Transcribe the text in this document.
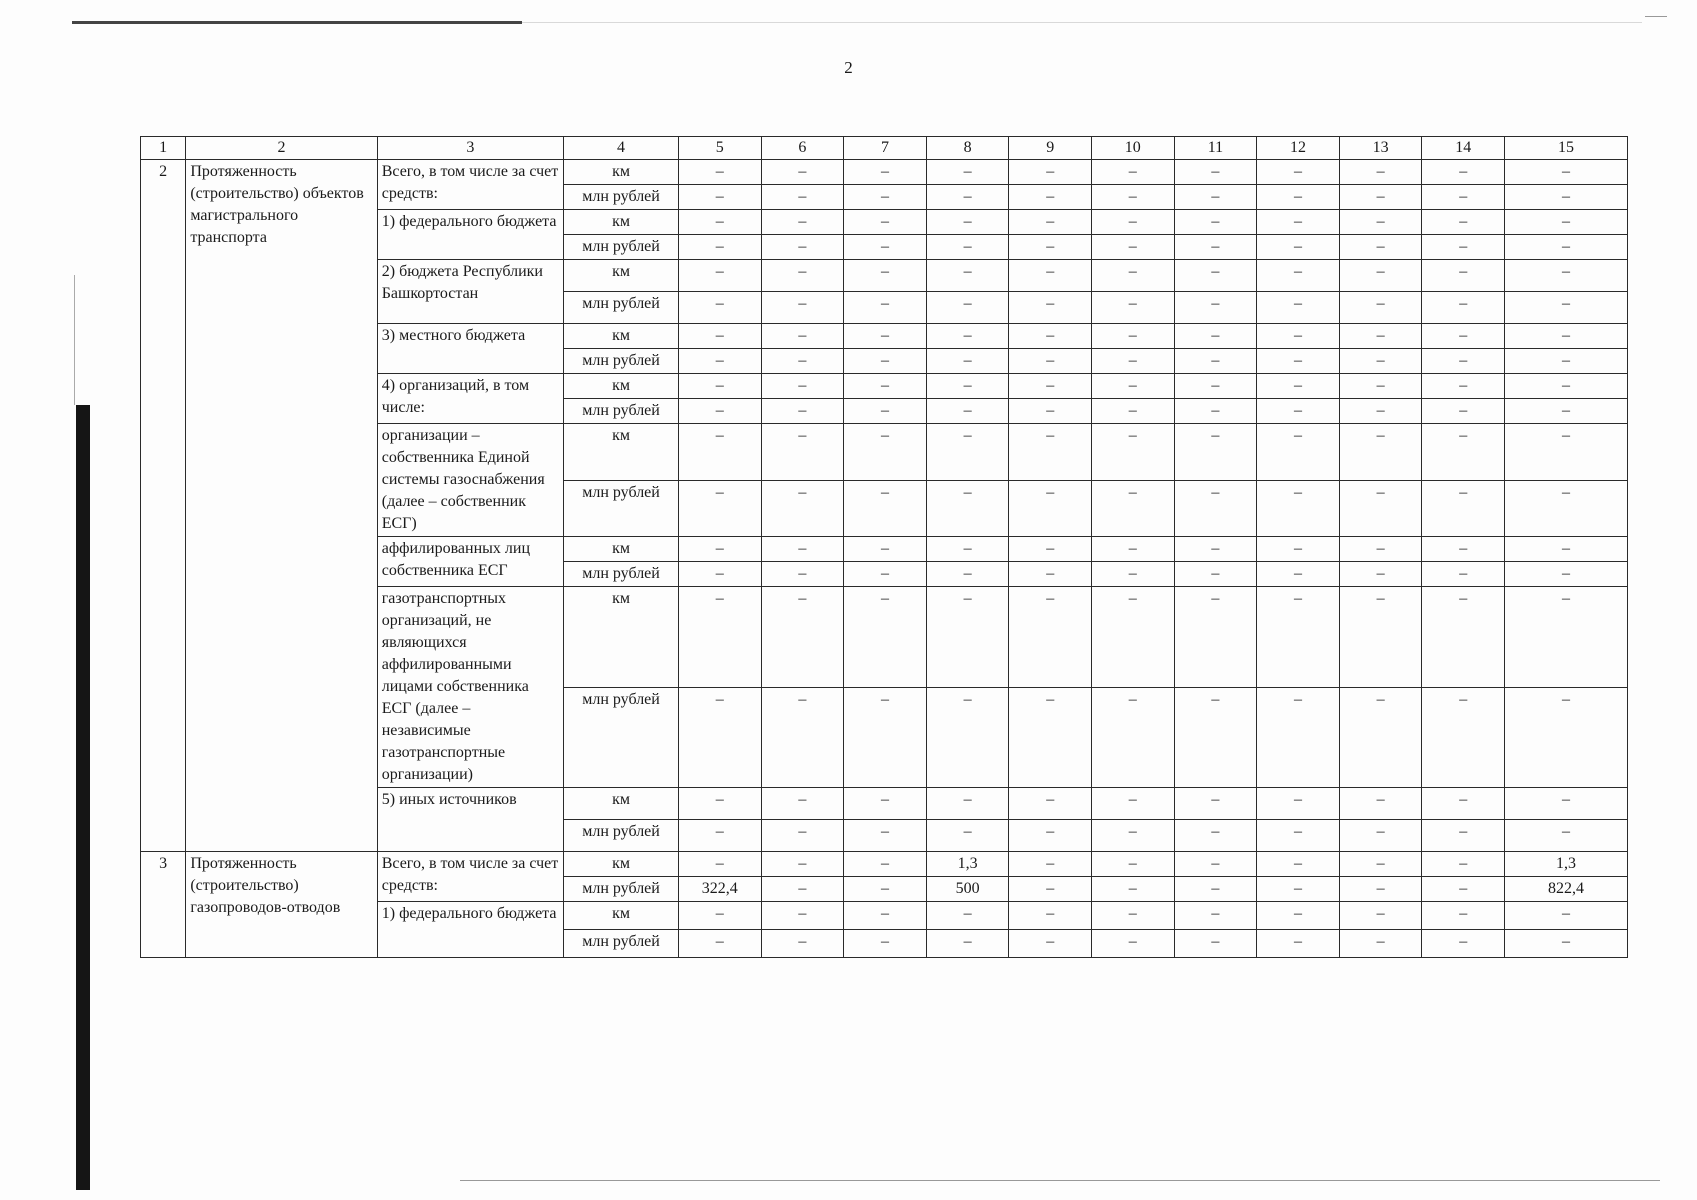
2
1	2	3	4	5	6	7	8	9	10	11	12	13	14	15
2	Протяженность (строительство) объектов магистрального транспорта	Всего, в том числе за счет средств:	км	–	–	–	–	–	–	–	–	–	–	–
			млн рублей	–	–	–	–	–	–	–	–	–	–	–
		1) федерального бюджета	км	–	–	–	–	–	–	–	–	–	–	–
			млн рублей	–	–	–	–	–	–	–	–	–	–	–
		2) бюджета Республики Башкортостан	км	–	–	–	–	–	–	–	–	–	–	–
			млн рублей	–	–	–	–	–	–	–	–	–	–	–
		3) местного бюджета	км	–	–	–	–	–	–	–	–	–	–	–
			млн рублей	–	–	–	–	–	–	–	–	–	–	–
		4) организаций, в том числе:	км	–	–	–	–	–	–	–	–	–	–	–
			млн рублей	–	–	–	–	–	–	–	–	–	–	–
		организации – собственника Единой системы газоснабжения (далее – собственник ЕСГ)	км	–	–	–	–	–	–	–	–	–	–	–
			млн рублей	–	–	–	–	–	–	–	–	–	–	–
		аффилированных лиц собственника ЕСГ	км	–	–	–	–	–	–	–	–	–	–	–
			млн рублей	–	–	–	–	–	–	–	–	–	–	–
		газотранспортных организаций, не являющихся аффилированными лицами собственника ЕСГ (далее – независимые газотранспортные организации)	км	–	–	–	–	–	–	–	–	–	–	–
			млн рублей	–	–	–	–	–	–	–	–	–	–	–
		5) иных источников	км	–	–	–	–	–	–	–	–	–	–	–
			млн рублей	–	–	–	–	–	–	–	–	–	–	–
3	Протяженность (строительство) газопроводов-отводов	Всего, в том числе за счет средств:	км	–	–	–	1,3	–	–	–	–	–	–	1,3
			млн рублей	322,4	–	–	500	–	–	–	–	–	–	822,4
		1) федерального бюджета	км	–	–	–	–	–	–	–	–	–	–	–
			млн рублей	–	–	–	–	–	–	–	–	–	–	–
